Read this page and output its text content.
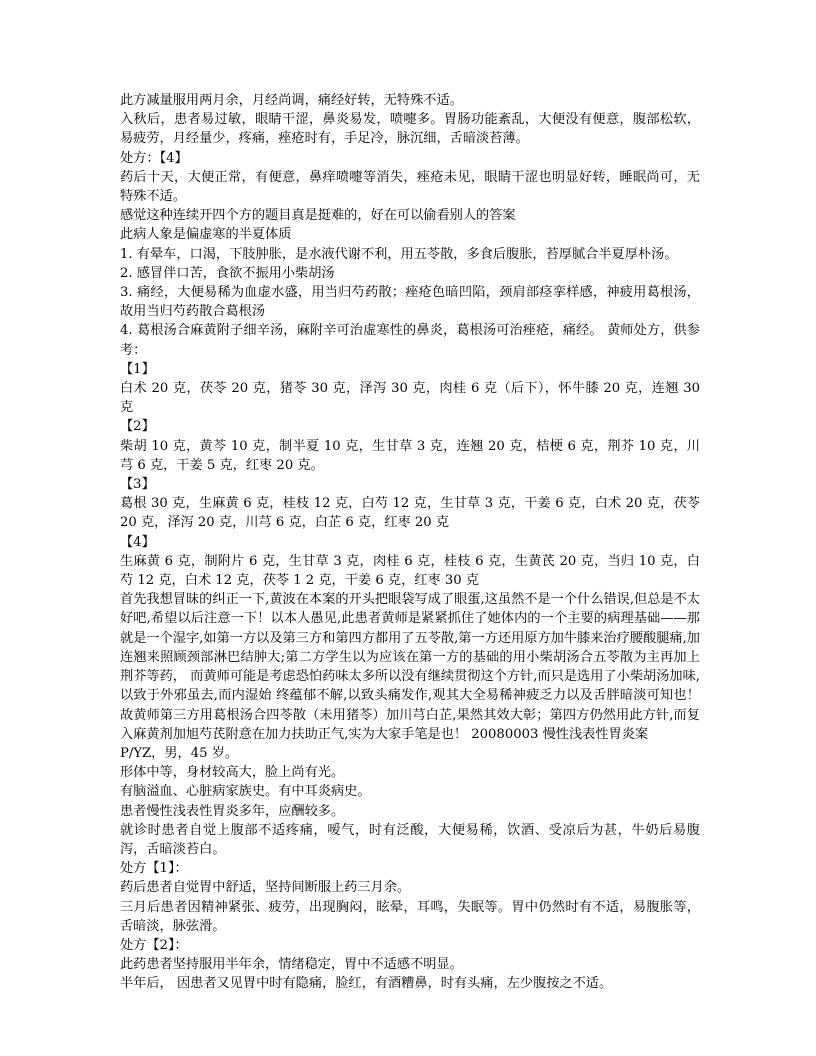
此方减量服用两月余，月经尚调，痛经好转，无特殊不适。

入秋后，患者易过敏，眼睛干涩，鼻炎易发，喷嚏多。胃肠功能紊乱，大便没有便意，腹部松软，易疲劳，月经量少，疼痛，痤疮时有，手足冷，脉沉细，舌暗淡苔薄。

处方：【4】

药后十天，大便正常，有便意，鼻痒喷嚏等消失，痤疮未见，眼睛干涩也明显好转，睡眠尚可，无特殊不适。

感觉这种连续开四个方的题目真是挺难的，好在可以偷看别人的答案

此病人象是偏虚寒的半夏体质

1. 有晕车，口渴，下肢肿胀，是水液代谢不利，用五苓散，多食后腹胀，苔厚腻合半夏厚朴汤。

2. 感冒伴口苦，食欲不振用小柴胡汤

3. 痛经，大便易稀为血虚水盛，用当归芍药散；痤疮色暗凹陷，颈肩部痉挛样感，神疲用葛根汤，故用当归芍药散合葛根汤

4. 葛根汤合麻黄附子细辛汤，麻附辛可治虚寒性的鼻炎，葛根汤可治痤疮，痛经。 黄师处方，供参考：

【1】

白术 20 克，茯苓 20 克，猪苓 30 克，泽泻 30 克，肉桂 6 克（后下），怀牛膝 20 克，连翘 30 克

【2】

柴胡 10 克，黄芩 10 克，制半夏 10 克，生甘草 3 克，连翘 20 克，桔梗 6 克，荆芥 10 克，川芎 6 克，干姜 5 克，红枣 20 克。

【3】

葛根 30 克，生麻黄 6 克，桂枝 12 克，白芍 12 克，生甘草 3 克，干姜 6 克，白术 20 克，茯苓 20 克，泽泻 20 克，川芎 6 克，白芷 6 克，红枣 20 克

【4】

生麻黄 6 克，制附片 6 克，生甘草 3 克，肉桂 6 克，桂枝 6 克，生黄芪 20 克，当归 10 克，白芍 12 克，白术 12 克，茯苓 1 2 克，干姜 6 克，红枣 30 克

首先我想冒昧的纠正一下,黄波在本案的开头把眼袋写成了眼蛋,这虽然不是一个什么错误,但总是不太好吧,希望以后注意一下！以本人愚见,此患者黄师是紧紧抓住了她体内的一个主要的病理基础——那就是一个湿字,如第一方以及第三方和第四方都用了五苓散,第一方还用原方加牛膝来治疗腰酸腿痛,加连翘来照顾颈部淋巴结肿大;第二方学生以为应该在第一方的基础的用小柴胡汤合五苓散为主再加上荆芥等药， 而黄师可能是考虑恐怕药味太多所以没有继续贯彻这个方针,而只是选用了小柴胡汤加味,以致于外邪虽去,而内湿始 终蕴郁不解,以致头痛发作,观其大全易稀神疲乏力以及舌胖暗淡可知也！故黄师第三方用葛根汤合四苓散（未用猪苓）加川芎白芷,果然其效大彰；第四方仍然用此方针,而复入麻黄剂加旭芍芪附意在加力扶助正气,实为大家手笔是也！ 20080003 慢性浅表性胃炎案

P/YZ，男，45 岁。

形体中等，身材较高大，脸上尚有光。

有脑溢血、心脏病家族史。有中耳炎病史。

患者慢性浅表性胃炎多年，应酬较多。

就诊时患者自觉上腹部不适疼痛，嗳气，时有泛酸，大便易稀，饮酒、受凉后为甚，牛奶后易腹泻，舌暗淡苔白。

处方【1】：

药后患者自觉胃中舒适，坚持间断服上药三月余。

三月后患者因精神紧张、疲劳，出现胸闷，眩晕，耳鸣，失眠等。胃中仍然时有不适，易腹胀等，舌暗淡，脉弦滑。

处方【2】：

此药患者坚持服用半年余，情绪稳定，胃中不适感不明显。

半年后， 因患者又见胃中时有隐痛，脸红，有酒糟鼻，时有头痛，左少腹按之不适。
